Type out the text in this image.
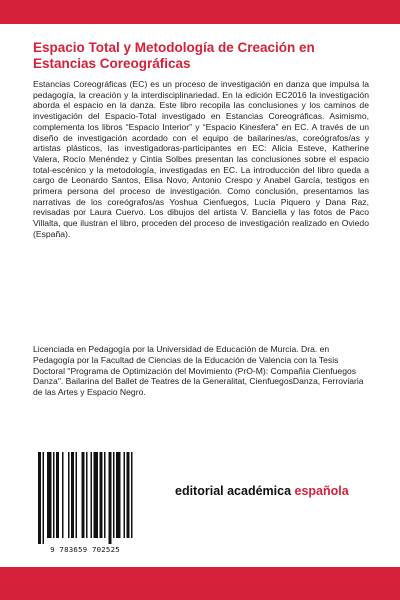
Espacio Total y Metodología de Creación en
Estancias Coreográficas

Estancias Coreográficas (EC) es un proceso de investigación en danza que impulsa la pedagogía, la creación y la interdisciplinariedad. En la edición EC2016 la investigación aborda el espacio en la danza. Este libro recopila las conclusiones y los caminos de investigación del Espacio-Total investigado en Estancias Coreográficas. Asimismo, complementa los libros “Espacio Interior” y “Espacio Kinesfera” en EC. A través de un diseño de investigación acordado con el equipo de bailarines/as, coreógrafos/as y artistas plásticos, las investigadoras-participantes en EC: Alicia Esteve, Katherine Valera, Rocío Menéndez y Cintia Solbes presentan las conclusiones sobre el espacio total-escénico y la metodología, investigadas en EC. La introducción del libro queda a cargo de Leonardo Santos, Elisa Novo, Antonio Crespo y Anabel García, testigos en primera persona del proceso de investigación. Como conclusión, presentamos las narrativas de los coreógrafos/as Yoshua Cienfuegos, Lucía Piquero y Dana Raz, revisadas por Laura Cuervo. Los dibujos del artista V. Banciella y las fotos de Paco Villalta, que ilustran el libro, proceden del proceso de investigación realizado en Oviedo (España).

Licenciada en Pedagogía por la Universidad de Educación de Murcia. Dra. en Pedagogía por la Facultad de Ciencias de la Educación de Valencia con la Tesis Doctoral "Programa de Optimización del Movimiento (PrO-M): Compañía Cienfuegos Danza". Bailarina del Ballet de Teatres de la Generalitat, CienfuegosDanza, Ferroviaria de las Artes y Espacio Negro.

9 783659 702525
editorial académica española
